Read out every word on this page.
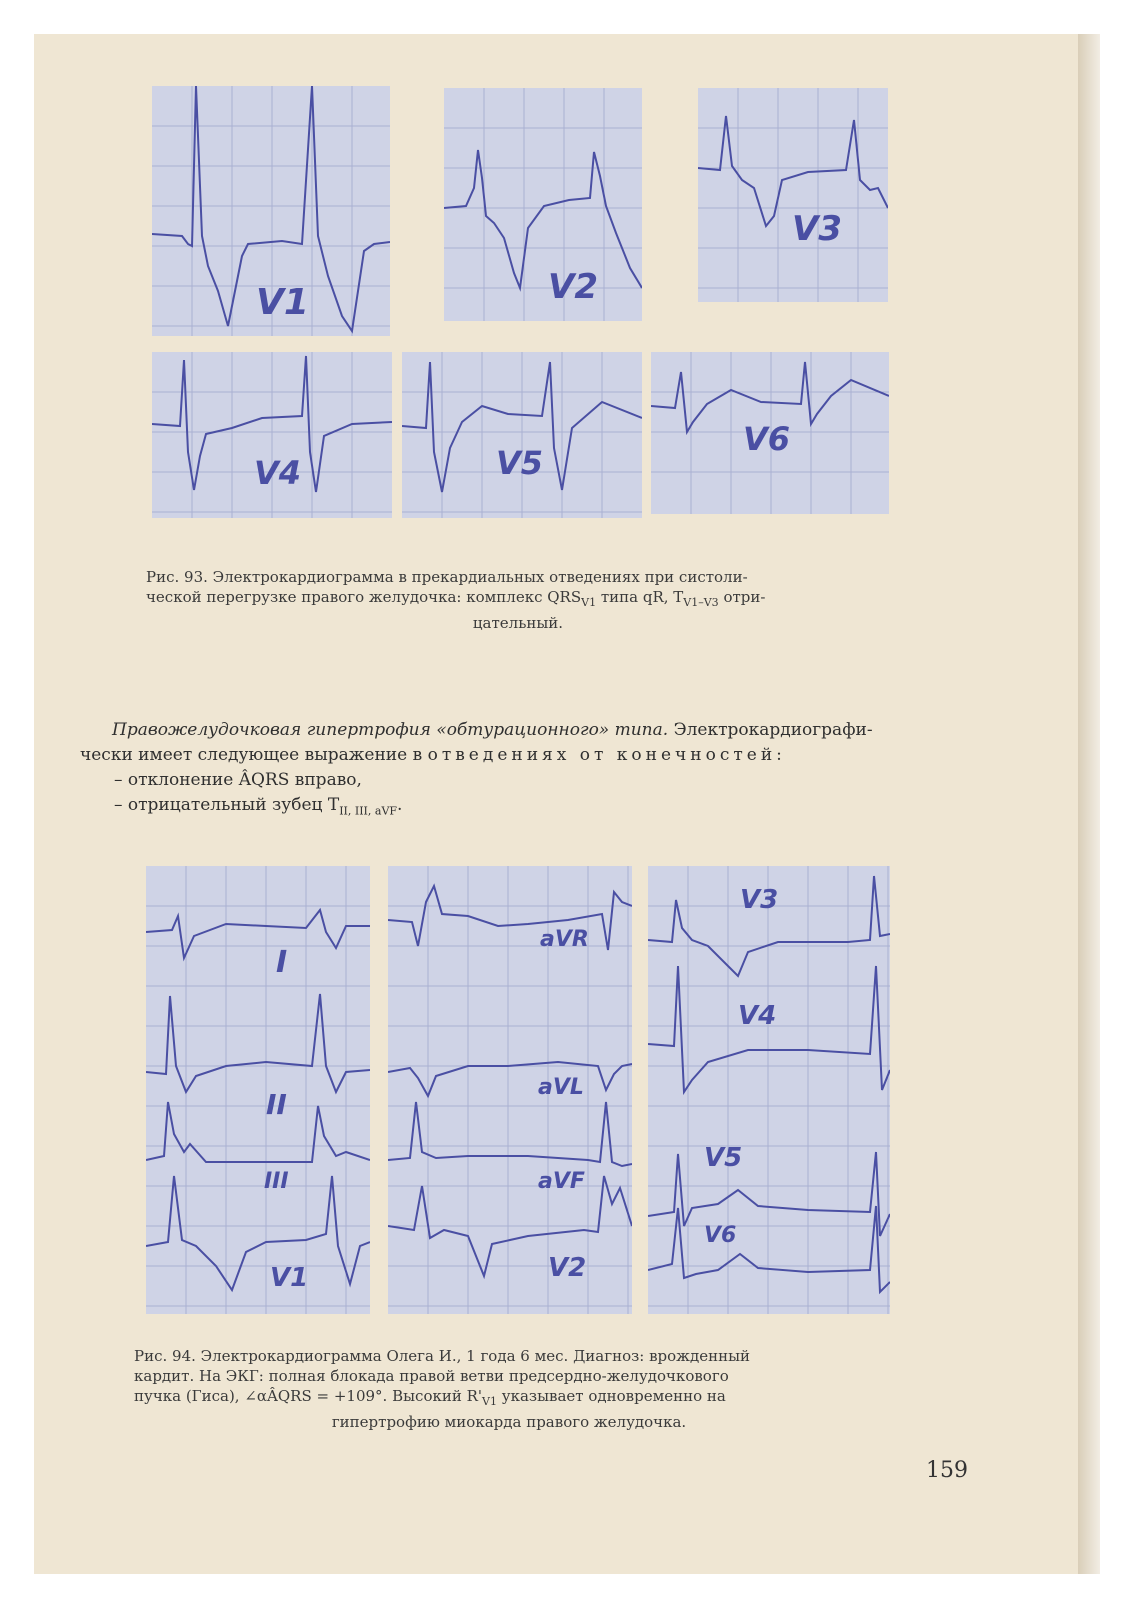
V1	V2
V3
V4	V5
V6
Рис. 93. Электрокардиограмма в прекардиальных отведениях при систоли-
ческой перегрузке правого желудочка: комплекс $QRS_{V1}$ типа qR, $T_{V1-V3}$ отри-
цательный.
Правожелудочковая гипертрофия «обтурационного» типа. Электрокардиографи-
чески имеет следующее выражение в отведениях от конечностей:
– отклонение ÂQRS вправо,
– отрицательный зубец $T_{II, III, aVF}$.
I
II
III
V1
aVR
aVL
aVF
V2
V3
V4
V5
V6
Рис. 94. Электрокардиограмма Олега И., 1 года 6 мес. Диагноз: врожденный
кардит. На ЭКГ: полная блокада правой ветви предсердно-желудочкового
пучка (Гиса), ∠αÂQRS = +109°. Высокий $R'_{V1}$ указывает одновременно на
гипертрофию миокарда правого желудочка.
159
